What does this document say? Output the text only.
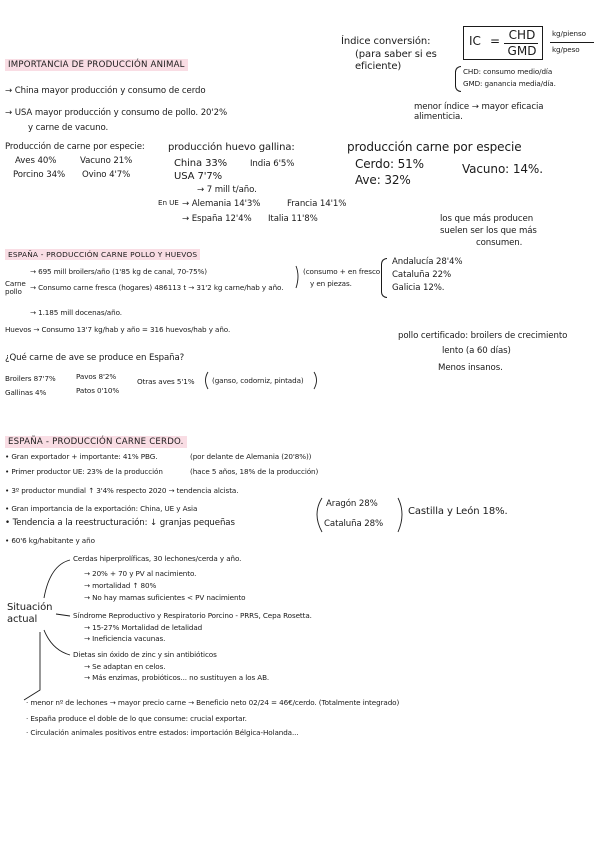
Índice conversión:
(para saber si es eficiente)
IC = CHD
GMD
kg/pienso
kg/peso
CHD: consumo medio/día
GMD: ganancia media/día.
menor índice → mayor eficacia alimenticia.
IMPORTANCIA DE PRODUCCIÓN ANIMAL
→ China mayor producción y consumo de cerdo
→ USA mayor producción y consumo de pollo. 20'2%
y carne de vacuno.
Producción de carne por especie:
Aves 40%	Vacuno 21%
Porcino 34% Ovino 4'7%
producción huevo gallina:
China 33%	India 6'5%
USA 7'7%
→ 7 mill t/año.
En UE → Alemania 14'3%	Francia 14'1%
→ España 12'4% Italia 11'8%
producción carne por especie
Cerdo: 51%	Vacuno: 14%.
Ave: 32%
los que más producen
suelen ser los que más
consumen.
ESPAÑA - PRODUCCIÓN CARNE POLLO Y HUEVOS
Carne pollo
→ 695 mill broilers/año (1'85 kg de canal, 70-75%)
→ Consumo carne fresca (hogares) 486113 t → 31'2 kg carne/hab y año.
(consumo + en fresco
y en piezas.
Andalucía 28'4%
Cataluña 22%
Galicia 12%.
→ 1.185 mill docenas/año.
Huevos → Consumo 13'7 kg/hab y año = 316 huevos/hab y año.
pollo certificado: broilers de crecimiento
lento (a 60 días)
Menos insanos.
¿Qué carne de ave se produce en España?
Broilers 87'7%	Pavos 8'2%
Otras aves 5'1% (ganso, codorniz, pintada)
Gallinas 4%	Patos 0'10%
ESPAÑA - PRODUCCIÓN CARNE CERDO.
• Gran exportador + importante: 41% PBG.	(por delante de Alemania (20'8%))
• Primer productor UE: 23% de la producción	(hace 5 años, 18% de la producción)
• 3º productor mundial ↑ 3'4% respecto 2020 → tendencia alcista.
• Gran importancia de la exportación: China, UE y Asia	Aragón 28%
Cataluña 28%
Castilla y León 18%.
• Tendencia a la reestructuración: ↓ granjas pequeñas
• 60'6 kg/habitante y año
Situación actual
Cerdas hiperprolíficas, 30 lechones/cerda y año.
→ 20% + 70 y PV al nacimiento.
→ mortalidad ↑ 80%
→ No hay mamas suficientes < PV nacimiento
Síndrome Reproductivo y Respiratorio Porcino - PRRS, Cepa Rosetta.
→ 15-27% Mortalidad de letalidad
→ Ineficiencia vacunas.
Dietas sin óxido de zinc y sin antibióticos
→ Se adaptan en celos.
→ Más enzimas, probióticos... no sustituyen a los AB.
· menor nº de lechones → mayor precio carne → Beneficio neto 02/24 = 46€/cerdo. (Totalmente integrado)
· España produce el doble de lo que consume: crucial exportar.
· Circulación animales positivos entre estados: importación Bélgica-Holanda...
